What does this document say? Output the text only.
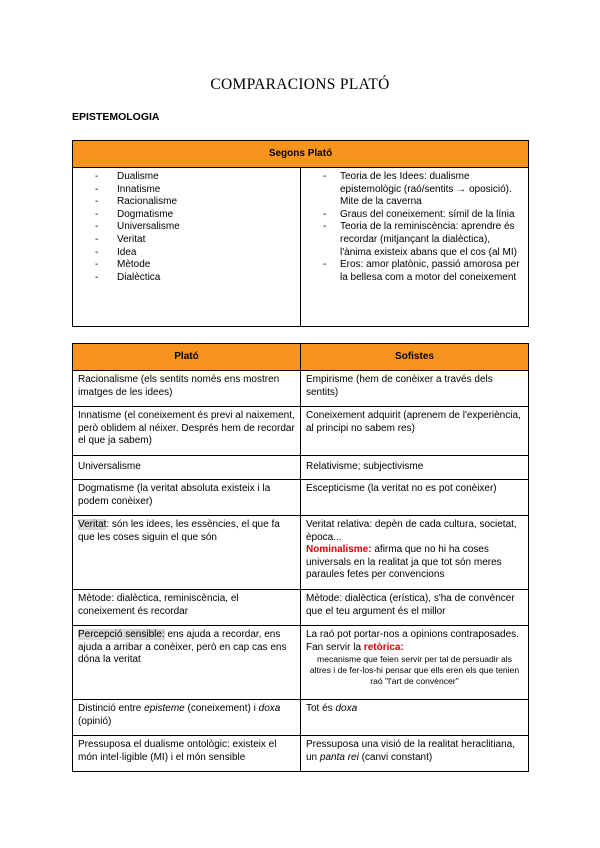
COMPARACIONS PLATÓ
EPISTEMOLOGIA
Segons Plató

- Dualisme
- Innatisme
- Racionalisme
- Dogmatisme
- Universalisme
- Veritat
- Idea
- Mètode
- Dialèctica

- Teoria de les Idees: dualisme epistemològic (raó/sentits → oposició). Mite de la caverna
- Graus del coneixement: símil de la línia
- Teoria de la reminiscència: aprendre és recordar (mitjançant la dialèctica), l'ànima existeix abans que el cos (al MI)
- Eros: amor platònic, passió amorosa per la bellesa com a motor del coneixement
Plató	Sofistes
Racionalisme (els sentits només ens mostren imatges de les idees)	Empirisme (hem de conèixer a través dels sentits)
Innatisme (el coneixement és previ al naixement, però oblidem al néixer. Després hem de recordar el que ja sabem)	Coneixement adquirit (aprenem de l'experiència, al principi no sabem res)
Universalisme	Relativisme; subjectivisme
Dogmatisme (la veritat absoluta existeix i la podem conèixer)	Escepticisme (la veritat no es pot conèixer)
Veritat: són les idees, les essències, el que fa que les coses siguin el que són	Veritat relativa: depèn de cada cultura, societat, època...
Nominalisme: afirma que no hi ha coses universals en la realitat ja que tot són meres paraules fetes per convencions
Mètode: dialèctica, reminiscència, el coneixement és recordar	Mètode: dialèctica (erística), s'ha de convèncer que el teu argument és el millor
Percepció sensible: ens ajuda a recordar, ens ajuda a arribar a conèixer, però en cap cas ens dóna la veritat	La raó pot portar-nos a opinions contraposades. Fan servir la retòrica:
mecanisme que feien servir per tal de persuadir als altres i de fer-los-hi pensar que ells eren els que tenien raó "l'art de convèncer"

Distinció entre episteme (coneixement) i doxa (opinió)	Tot és doxa
Pressuposa el dualisme ontològic: existeix el món intel·ligible (MI) i el món sensible	Pressuposa una visió de la realitat heraclitiana, un panta rei (canvi constant)
